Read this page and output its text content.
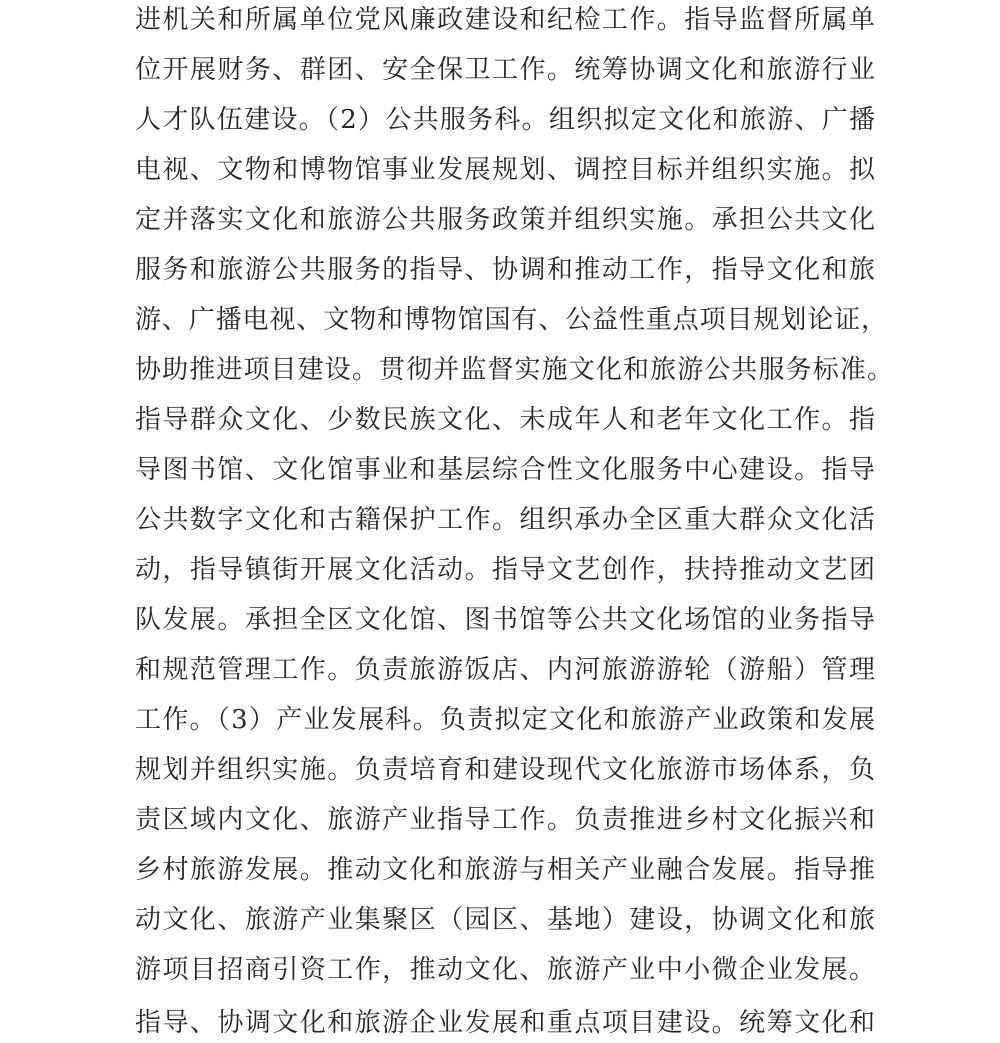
进机关和所属单位党风廉政建设和纪检工作。指导监督所属单
位开展财务、群团、安全保卫工作。统筹协调文化和旅游行业
人才队伍建设。（2）公共服务科。组织拟定文化和旅游、广播
电视、文物和博物馆事业发展规划、调控目标并组织实施。拟
定并落实文化和旅游公共服务政策并组织实施。承担公共文化
服务和旅游公共服务的指导、协调和推动工作，指导文化和旅
游、广播电视、文物和博物馆国有、公益性重点项目规划论证，
协助推进项目建设。贯彻并监督实施文化和旅游公共服务标准。
指导群众文化、少数民族文化、未成年人和老年文化工作。指
导图书馆、文化馆事业和基层综合性文化服务中心建设。指导
公共数字文化和古籍保护工作。组织承办全区重大群众文化活
动，指导镇街开展文化活动。指导文艺创作，扶持推动文艺团
队发展。承担全区文化馆、图书馆等公共文化场馆的业务指导
和规范管理工作。负责旅游饭店、内河旅游游轮（游船）管理
工作。（3）产业发展科。负责拟定文化和旅游产业政策和发展
规划并组织实施。负责培育和建设现代文化旅游市场体系，负
责区域内文化、旅游产业指导工作。负责推进乡村文化振兴和
乡村旅游发展。推动文化和旅游与相关产业融合发展。指导推
动文化、旅游产业集聚区（园区、基地）建设，协调文化和旅
游项目招商引资工作，推动文化、旅游产业中小微企业发展。
指导、协调文化和旅游企业发展和重点项目建设。统筹文化和
